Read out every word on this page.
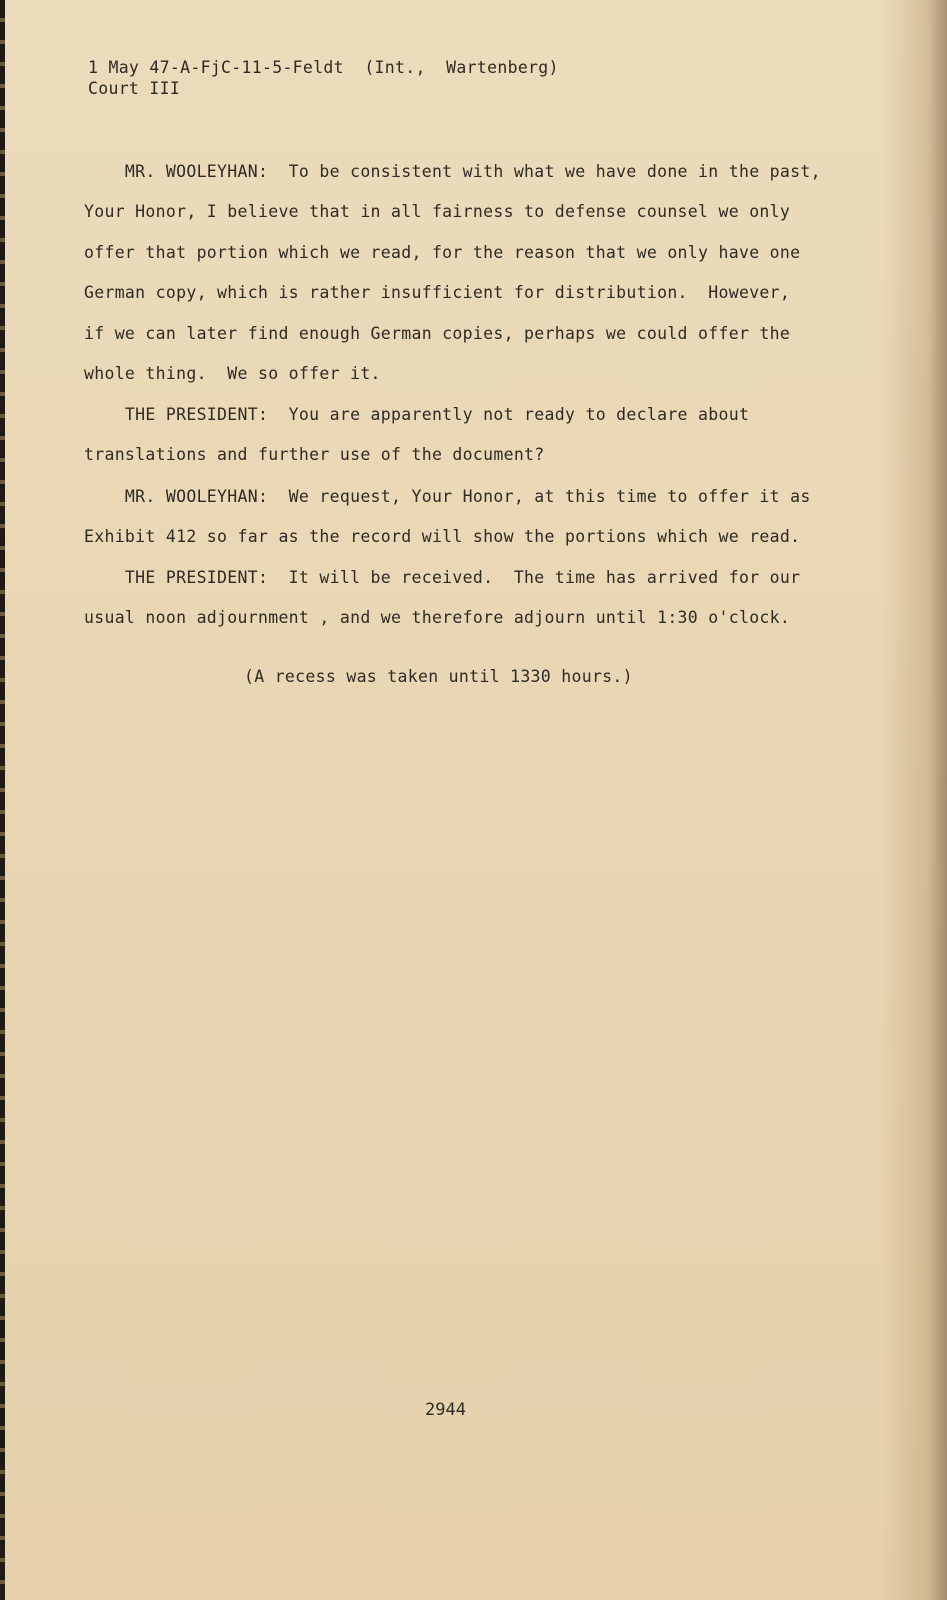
1 May 47-A-FjC-11-5-Feldt  (Int.,  Wartenberg)
Court III
MR. WOOLEYHAN:  To be consistent with what we have done in the past,
Your Honor, I believe that in all fairness to defense counsel we only
offer that portion which we read, for the reason that we only have one
German copy, which is rather insufficient for distribution.  However,
if we can later find enough German copies, perhaps we could offer the
whole thing.  We so offer it.
THE PRESIDENT:  You are apparently not ready to declare about
translations and further use of the document?
MR. WOOLEYHAN:  We request, Your Honor, at this time to offer it as
Exhibit 412 so far as the record will show the portions which we read.
THE PRESIDENT:  It will be received.  The time has arrived for our
usual noon adjournment , and we therefore adjourn until 1:30 o'clock.
(A recess was taken until 1330 hours.)
2944
